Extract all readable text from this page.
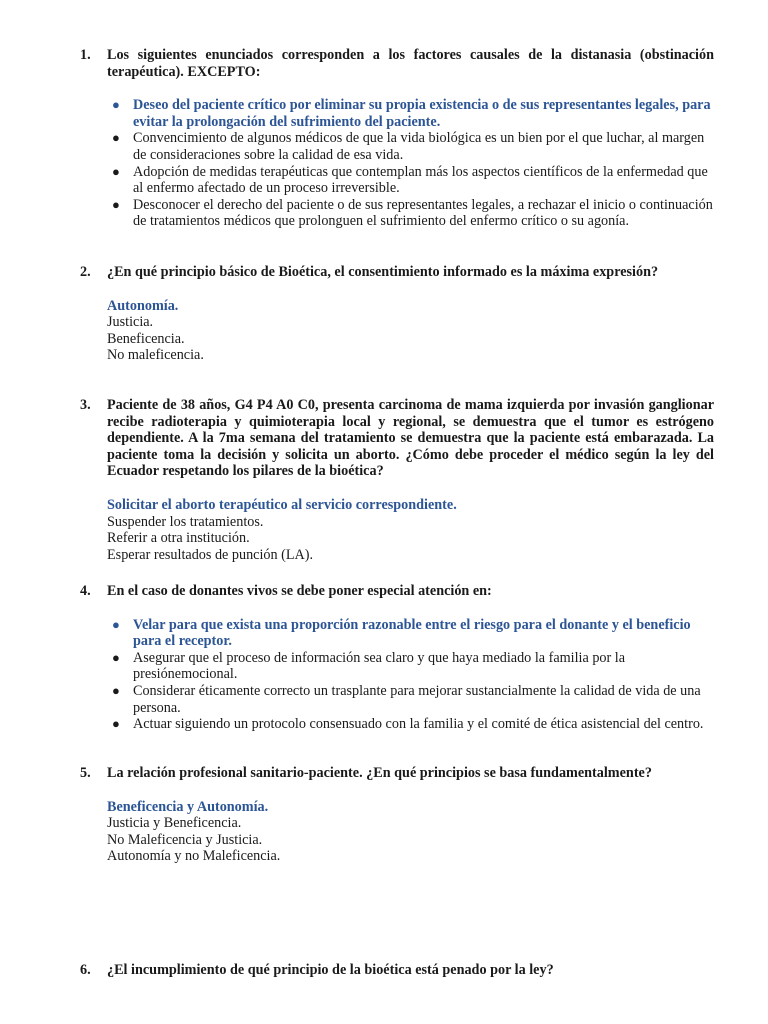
1.	Los siguientes enunciados corresponden a los factores causales de la distanasia (obstinación terapéutica). EXCEPTO:
● Deseo del paciente crítico por eliminar su propia existencia o de sus representantes legales, para evitar la prolongación del sufrimiento del paciente.
● Convencimiento de algunos médicos de que la vida biológica es un bien por el que luchar, al margen de consideraciones sobre la calidad de esa vida.
● Adopción de medidas terapéuticas que contemplan más los aspectos científicos de la enfermedad que al enfermo afectado de un proceso irreversible.
● Desconocer el derecho del paciente o de sus representantes legales, a rechazar el inicio o continuación de tratamientos médicos que prolonguen el sufrimiento del enfermo crítico o su agonía.
2.	¿En qué principio básico de Bioética, el consentimiento informado es la máxima expresión?
Autonomía.
Justicia.
Beneficencia.
No maleficencia.
3.	Paciente de 38 años, G4 P4 A0 C0, presenta carcinoma de mama izquierda por invasión ganglionar recibe radioterapia y quimioterapia local y regional, se demuestra que el tumor es estrógeno dependiente. A la 7ma semana del tratamiento se demuestra que la paciente está embarazada. La paciente toma la decisión y solicita un aborto. ¿Cómo debe proceder el médico según la ley del Ecuador respetando los pilares de la bioética?
Solicitar el aborto terapéutico al servicio correspondiente.
Suspender los tratamientos.
Referir a otra institución.
Esperar resultados de punción (LA).
4.	En el caso de donantes vivos se debe poner especial atención en:
● Velar para que exista una proporción razonable entre el riesgo para el donante y el beneficio para el receptor.
● Asegurar que el proceso de información sea claro y que haya mediado la familia por la presiónemocional.
● Considerar éticamente correcto un trasplante para mejorar sustancialmente la calidad de vida de una persona.
● Actuar siguiendo un protocolo consensuado con la familia y el comité de ética asistencial del centro.
5.	La relación profesional sanitario-paciente. ¿En qué principios se basa fundamentalmente?
Beneficencia y Autonomía.
Justicia y Beneficencia.
No Maleficencia y Justicia.
Autonomía y no Maleficencia.
6.	¿El incumplimiento de qué principio de la bioética está penado por la ley?
